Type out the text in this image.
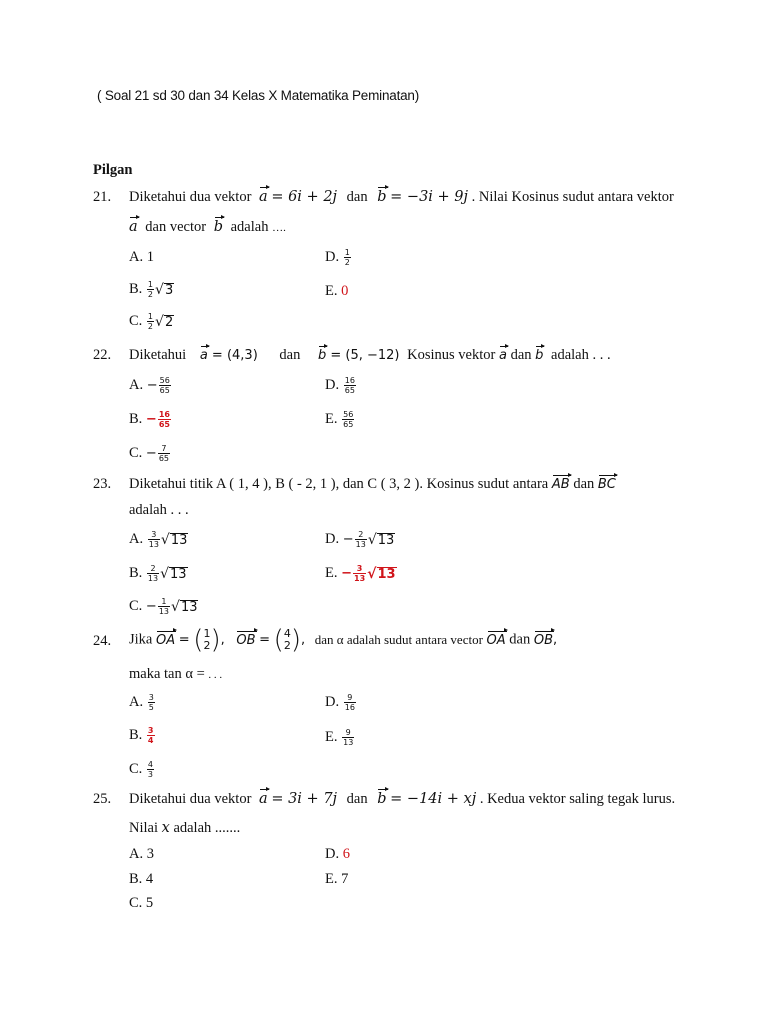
( Soal 21 sd 30 dan 34 Kelas X Matematika Peminatan)
Pilgan
21. Diketahui dua vektor a = 6i + 2j dan b = −3i + 9j . Nilai Kosinus sudut antara vektor
a dan vector b adalah ….
A. 1
B. $\frac{1}{2}$ √ 3
C. $\frac{1}{2}$ √ 2
D. $\frac{1}{2}$
E. 0
22. Diketahui a = (4,3) dan b = (5, −12) Kosinus vektor a dan b adalah . . .
A. − $\frac{56}{65}$
B. − $\frac{16}{65}$
C. − $\frac{7}{65}$
D. $\frac{16}{65}$
E. $\frac{56}{65}$
23. Diketahui titik A ( 1, 4 ), B ( - 2, 1 ), dan C ( 3, 2 ). Kosinus sudut antara AB dan BC
adalah . . .
A. $\frac{3}{13}$ √ 13
B. $\frac{2}{13}$ √ 13
C. − $\frac{1}{13}$ √ 13
D. − $\frac{2}{13}$ √ 13
E. − $\frac{3}{13}$ √ 13
24. Jika OA = ( 1
2 ) , OB = ( 4
2 ) , dan α adalah sudut antara vector OA dan OB,
maka tan α = . . .
A. $\frac{3}{5}$
B. $\frac{3}{4}$
C. $\frac{4}{3}$
D. $\frac{9}{16}$
E. $\frac{9}{13}$
25. Diketahui dua vektor a = 3i + 7j dan b = −14i + xj . Kedua vektor saling tegak lurus.
Nilai x adalah .......
A. 3
B. 4
C. 5
D. 6
E. 7
